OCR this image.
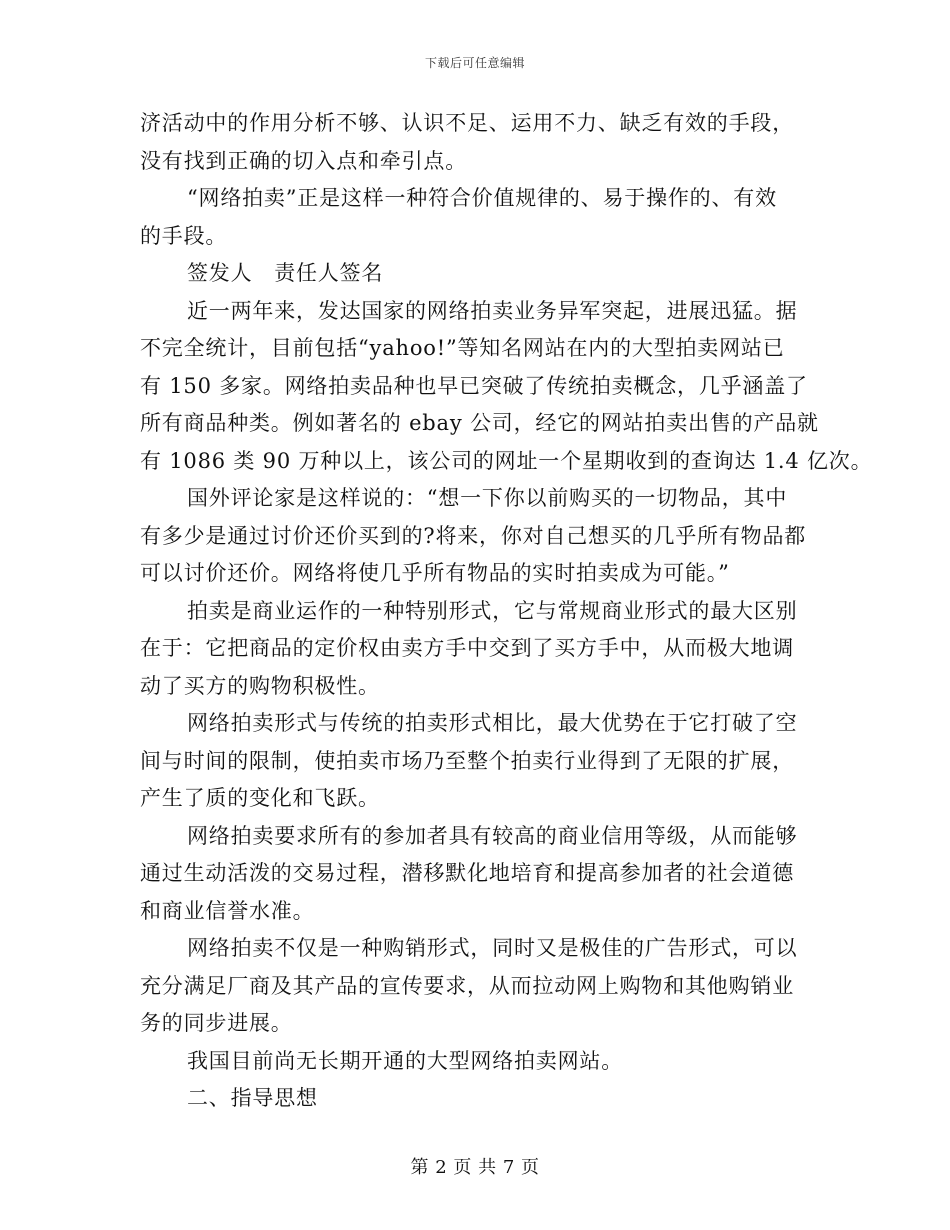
下载后可任意编辑
济活动中的作用分析不够、认识不足、运用不力、缺乏有效的手段，
没有找到正确的切入点和牵引点。
“网络拍卖”正是这样一种符合价值规律的、易于操作的、有效
的手段。
签发人　责任人签名
近一两年来，发达国家的网络拍卖业务异军突起，进展迅猛。据
不完全统计，目前包括“yahoo!”等知名网站在内的大型拍卖网站已
有 150 多家。网络拍卖品种也早已突破了传统拍卖概念，几乎涵盖了
所有商品种类。例如著名的 ebay 公司，经它的网站拍卖出售的产品就
有 1086 类 90 万种以上，该公司的网址一个星期收到的查询达 1.4 亿次。
国外评论家是这样说的：“想一下你以前购买的一切物品，其中
有多少是通过讨价还价买到的?将来，你对自己想买的几乎所有物品都
可以讨价还价。网络将使几乎所有物品的实时拍卖成为可能。”
拍卖是商业运作的一种特别形式，它与常规商业形式的最大区别
在于：它把商品的定价权由卖方手中交到了买方手中，从而极大地调
动了买方的购物积极性。
网络拍卖形式与传统的拍卖形式相比，最大优势在于它打破了空
间与时间的限制，使拍卖市场乃至整个拍卖行业得到了无限的扩展，
产生了质的变化和飞跃。
网络拍卖要求所有的参加者具有较高的商业信用等级，从而能够
通过生动活泼的交易过程，潜移默化地培育和提高参加者的社会道德
和商业信誉水准。
网络拍卖不仅是一种购销形式，同时又是极佳的广告形式，可以
充分满足厂商及其产品的宣传要求，从而拉动网上购物和其他购销业
务的同步进展。
我国目前尚无长期开通的大型网络拍卖网站。
二、指导思想
第 2 页 共 7 页
